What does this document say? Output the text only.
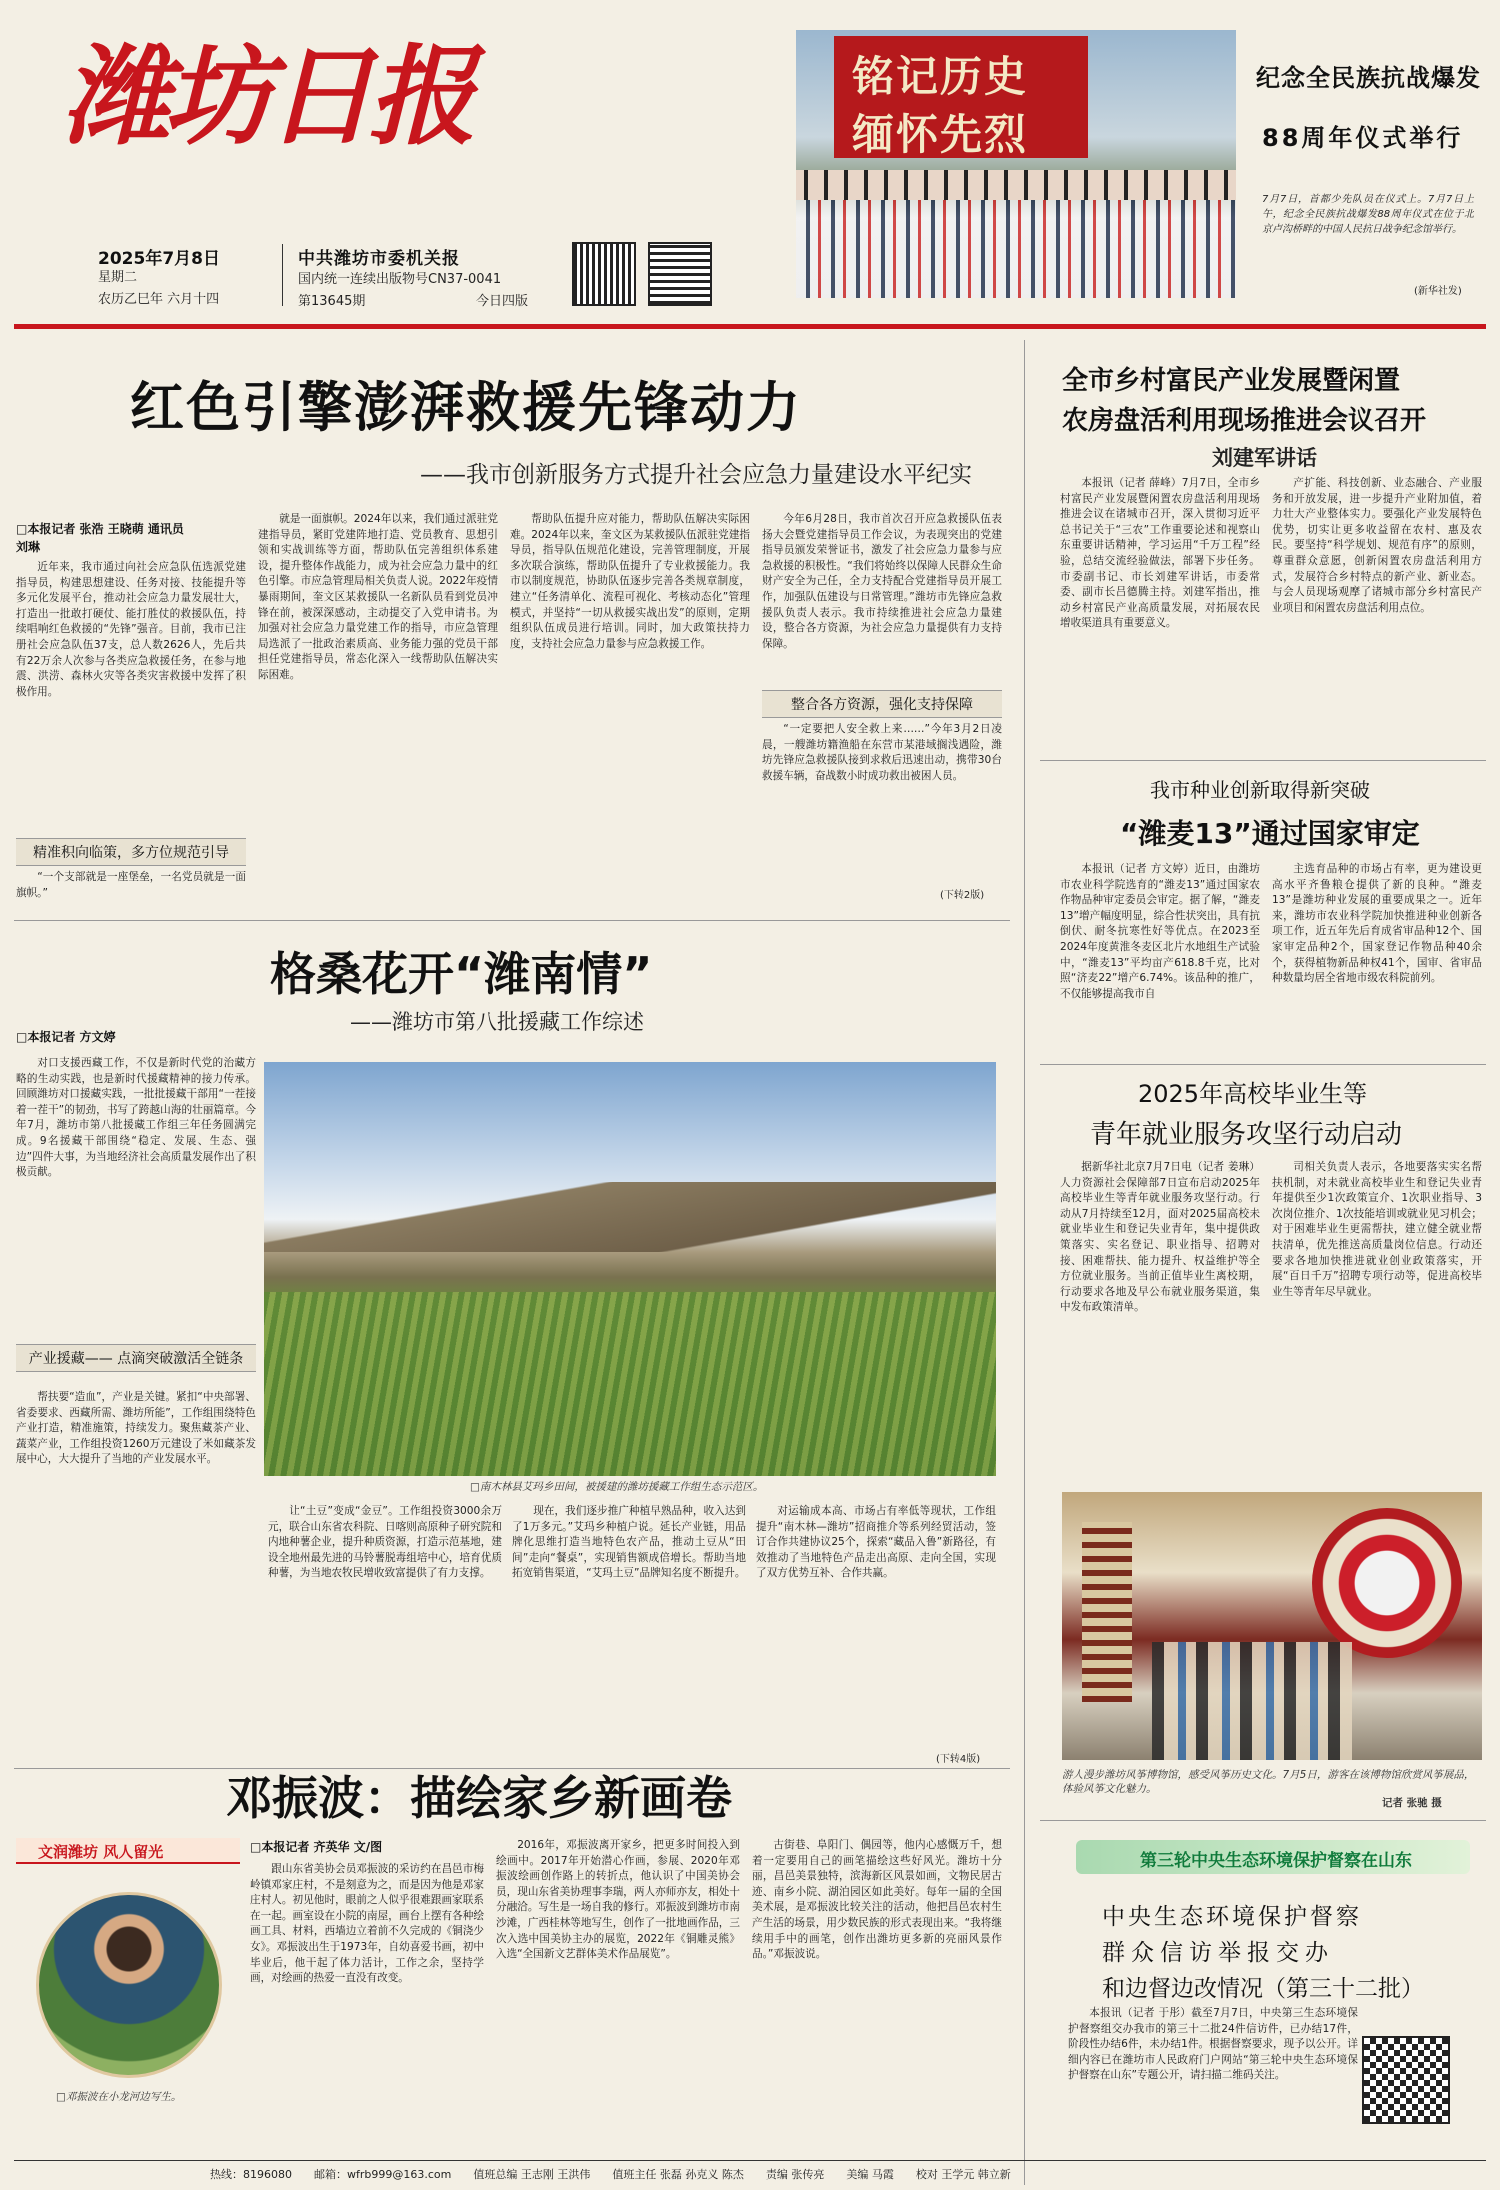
潍坊日报
2025年7月8日
星期二
农历乙巳年 六月十四
中共潍坊市委机关报
国内统一连续出版物号CN37-0041
第13645期	今日四版
铭记历史
缅怀先烈
纪念全民族抗战爆发
88周年仪式举行
7月7日，首都少先队员在仪式上。7月7日上午，纪念全民族抗战爆发88周年仪式在位于北京卢沟桥畔的中国人民抗日战争纪念馆举行。
(新华社发)
红色引擎澎湃救援先锋动力
——我市创新服务方式提升社会应急力量建设水平纪实
□本报记者 张浩 王晓萌 通讯员 刘琳

近年来，我市通过向社会应急队伍选派党建指导员，构建思想建设、任务对接、技能提升等多元化发展平台，推动社会应急力量发展壮大，打造出一批敢打硬仗、能打胜仗的救援队伍，持续唱响红色救援的“先锋”强音。目前，我市已注册社会应急队伍37支，总人数2626人，先后共有22万余人次参与各类应急救援任务，在参与地震、洪涝、森林火灾等各类灾害救援中发挥了积极作用。

精准积向临策，多方位规范引导

“一个支部就是一座堡垒，一名党员就是一面旗帜。”

就是一面旗帜。2024年以来，我们通过派驻党建指导员，紧盯党建阵地打造、党员教育、思想引领和实战训练等方面，帮助队伍完善组织体系建设，提升整体作战能力，成为社会应急力量中的红色引擎。市应急管理局相关负责人说。2022年疫情暴雨期间，奎文区某救援队一名新队员看到党员冲锋在前，被深深感动，主动提交了入党申请书。为加强对社会应急力量党建工作的指导，市应急管理局选派了一批政治素质高、业务能力强的党员干部担任党建指导员，常态化深入一线帮助队伍解决实际困难。

帮助队伍提升应对能力，帮助队伍解决实际困难。2024年以来，奎文区为某救援队伍派驻党建指导员，指导队伍规范化建设，完善管理制度，开展多次联合演练，帮助队伍提升了专业救援能力。我市以制度规范，协助队伍逐步完善各类规章制度，建立“任务清单化、流程可视化、考核动态化”管理模式，并坚持“一切从救援实战出发”的原则，定期组织队伍成员进行培训。同时，加大政策扶持力度，支持社会应急力量参与应急救援工作。

今年6月28日，我市首次召开应急救援队伍表扬大会暨党建指导员工作会议，为表现突出的党建指导员颁发荣誉证书，激发了社会应急力量参与应急救援的积极性。“我们将始终以保障人民群众生命财产安全为己任，全力支持配合党建指导员开展工作，加强队伍建设与日常管理。”潍坊市先锋应急救援队负责人表示。我市持续推进社会应急力量建设，整合各方资源，为社会应急力量提供有力支持保障。

整合各方资源，强化支持保障

“一定要把人安全救上来……”今年3月2日凌晨，一艘潍坊籍渔船在东营市某港域搁浅遇险，潍坊先锋应急救援队接到求救后迅速出动，携带30台救援车辆，奋战数小时成功救出被困人员。

(下转2版)
全市乡村富民产业发展暨闲置
农房盘活利用现场推进会议召开
刘建军讲话

本报讯（记者 薛峰）7月7日，全市乡村富民产业发展暨闲置农房盘活利用现场推进会议在诸城市召开，深入贯彻习近平总书记关于“三农”工作重要论述和视察山东重要讲话精神，学习运用“千万工程”经验，总结交流经验做法，部署下步任务。市委副书记、市长刘建军讲话，市委常委、副市长吕德腾主持。刘建军指出，推动乡村富民产业高质量发展，对拓展农民增收渠道具有重要意义。

产扩能、科技创新、业态融合、产业服务和开放发展，进一步提升产业附加值，着力壮大产业整体实力。要强化产业发展特色优势，切实让更多收益留在农村、惠及农民。要坚持“科学规划、规范有序”的原则，尊重群众意愿，创新闲置农房盘活利用方式，发展符合乡村特点的新产业、新业态。与会人员现场观摩了诸城市部分乡村富民产业项目和闲置农房盘活利用点位。

我市种业创新取得新突破
“潍麦13”通过国家审定

本报讯（记者 方文婷）近日，由潍坊市农业科学院选育的“潍麦13”通过国家农作物品种审定委员会审定。据了解，“潍麦13”增产幅度明显，综合性状突出，具有抗倒伏、耐冬抗寒性好等优点。在2023至2024年度黄淮冬麦区北片水地组生产试验中，“潍麦13”平均亩产618.8千克，比对照“济麦22”增产6.74%。该品种的推广，不仅能够提高我市自

主选育品种的市场占有率，更为建设更高水平齐鲁粮仓提供了新的良种。“潍麦13”是潍坊种业发展的重要成果之一。近年来，潍坊市农业科学院加快推进种业创新各项工作，近五年先后育成省审品种12个、国家审定品种2个，国家登记作物品种40余个，获得植物新品种权41个，国审、省审品种数量均居全省地市级农科院前列。

2025年高校毕业生等
青年就业服务攻坚行动启动

据新华社北京7月7日电（记者 姜琳）人力资源社会保障部7日宣布启动2025年高校毕业生等青年就业服务攻坚行动。行动从7月持续至12月，面对2025届高校未就业毕业生和登记失业青年，集中提供政策落实、实名登记、职业指导、招聘对接、困难帮扶、能力提升、权益维护等全方位就业服务。当前正值毕业生离校期，行动要求各地及早公布就业服务渠道，集中发布政策清单。

司相关负责人表示，各地要落实实名帮扶机制，对未就业高校毕业生和登记失业青年提供至少1次政策宣介、1次职业指导、3次岗位推介、1次技能培训或就业见习机会；对于困难毕业生更需帮扶，建立健全就业帮扶清单，优先推送高质量岗位信息。行动还要求各地加快推进就业创业政策落实，开展“百日千万”招聘专项行动等，促进高校毕业生等青年尽早就业。

游人漫步潍坊风筝博物馆，感受风筝历史文化。7月5日，游客在该博物馆欣赏风筝展品，体验风筝文化魅力。
记者 张驰 摄
第三轮中央生态环境保护督察在山东
中央生态环境保护督察
群众信访举报交办
和边督边改情况（第三十二批）

本报讯（记者 于彤）截至7月7日，中央第三生态环境保护督察组交办我市的第三十二批24件信访件，已办结17件，阶段性办结6件，未办结1件。根据督察要求，现予以公开。详细内容已在潍坊市人民政府门户网站“第三轮中央生态环境保护督察在山东”专题公开，请扫描二维码关注。

格桑花开“潍南情”
——潍坊市第八批援藏工作综述
□本报记者 方文婷

对口支援西藏工作，不仅是新时代党的治藏方略的生动实践，也是新时代援藏精神的接力传承。回顾潍坊对口援藏实践，一批批援藏干部用“一茬接着一茬干”的韧劲，书写了跨越山海的壮丽篇章。今年7月，潍坊市第八批援藏工作组三年任务圆满完成。9名援藏干部围绕“稳定、发展、生态、强边”四件大事，为当地经济社会高质量发展作出了积极贡献。

产业援藏—— 点滴突破激活全链条

帮扶要“造血”，产业是关键。紧扣“中央部署、省委要求、西藏所需、潍坊所能”，工作组围绕特色产业打造，精准施策，持续发力。聚焦藏茶产业、蔬菜产业，工作组投资1260万元建设了米如藏茶发展中心，大大提升了当地的产业发展水平。

□南木林县艾玛乡田间，被援建的潍坊援藏工作组生态示范区。

让“土豆”变成“金豆”。工作组投资3000余万元，联合山东省农科院、日喀则高原种子研究院和内地种薯企业，提升种质资源，打造示范基地，建设全地州最先进的马铃薯脱毒组培中心，培育优质种薯，为当地农牧民增收致富提供了有力支撑。

现在，我们逐步推广种植早熟品种，收入达到了1万多元。”艾玛乡种植户说。延长产业链，用品牌化思维打造当地特色农产品，推动土豆从“田间”走向“餐桌”，实现销售额成倍增长。帮助当地拓宽销售渠道，“艾玛土豆”品牌知名度不断提升。

对运输成本高、市场占有率低等现状，工作组提升“南木林—潍坊”招商推介等系列经贸活动，签订合作共建协议25个，探索“藏品入鲁”新路径，有效推动了当地特色产品走出高原、走向全国，实现了双方优势互补、合作共赢。

(下转4版)
邓振波：描绘家乡新画卷
文润潍坊 风人留光
□邓振波在小龙河边写生。
□本报记者 齐英华 文/图

跟山东省美协会员邓振波的采访约在昌邑市梅岭镇邓家庄村，不是刻意为之，而是因为他是邓家庄村人。初见他时，眼前之人似乎很难跟画家联系在一起。画室设在小院的南屋，画台上摆有各种绘画工具、材料，西墙边立着前不久完成的《铜浇少女》。邓振波出生于1973年，自幼喜爱书画，初中毕业后，他干起了体力活计，工作之余，坚持学画，对绘画的热爱一直没有改变。

2016年，邓振波离开家乡，把更多时间投入到绘画中。2017年开始潜心作画，参展、2020年邓振波绘画创作路上的转折点，他认识了中国美协会员，现山东省美协理事李瑞，两人亦师亦友，相处十分融洽。写生是一场自我的修行。邓振波到潍坊市南沙滩，广西桂林等地写生，创作了一批地画作品，三次入选中国美协主办的展览，2022年《铜雕灵熊》入选“全国新文艺群体美术作品展览”。

古街巷、阜阳门、偶园等，他内心感慨万千，想着一定要用自己的画笔描绘这些好风光。潍坊十分丽，昌邑美景独特，滨海新区风景如画，文物民居古迹、南乡小院、湖泊园区如此美好。每年一届的全国美术展，是邓振波比较关注的活动，他把昌邑农村生产生活的场景，用少数民族的形式表现出来。“我将继续用手中的画笔，创作出潍坊更多新的亮丽风景作品。”邓振波说。

热线：8196080　　邮箱：wfrb999@163.com　　值班总编 王志刚 王洪伟　　值班主任 张磊 孙克义 陈杰　　责编 张传亮　　美编 马霞　　校对 王学元 韩立新
